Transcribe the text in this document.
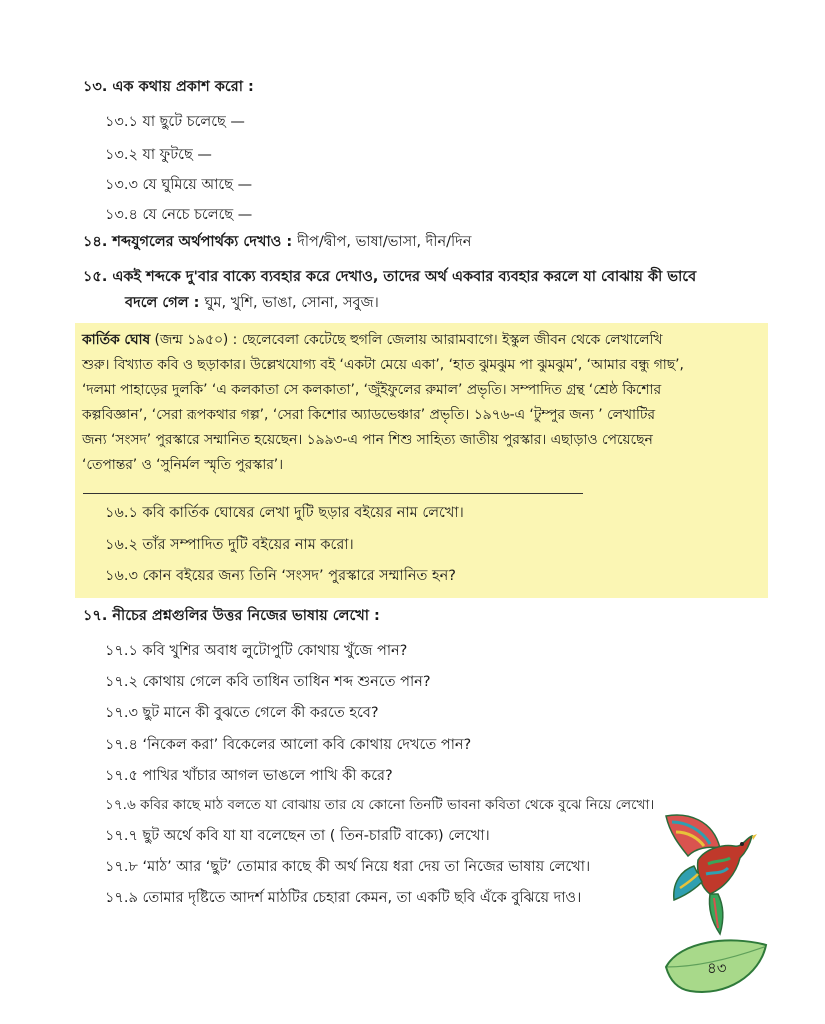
১৩. এক কথায় প্রকাশ করো :
১৩.১ যা ছুটে চলেছে —
১৩.২ যা ফুটছে —
১৩.৩ যে ঘুমিয়ে আছে —
১৩.৪ যে নেচে চলেছে —
১৪. শব্দযুগলের অর্থপার্থক্য দেখাও : দীপ/দ্বীপ, ভাষা/ভাসা, দীন/দিন
১৫. একই শব্দকে দু'বার বাক্যে ব্যবহার করে দেখাও, তাদের অর্থ একবার ব্যবহার করলে যা বোঝায় কী ভাবে
বদলে গেল : ঘুম, খুশি, ভাঙা, সোনা, সবুজ।
কার্তিক ঘোষ (জন্ম ১৯৫০) : ছেলেবেলা কেটেছে হুগলি জেলায় আরামবাগে। ইস্কুল জীবন থেকে লেখালেখি
শুরু। বিখ্যাত কবি ও ছড়াকার। উল্লেখযোগ্য বই ‘একটা মেয়ে একা’, ‘হাত ঝুমঝুম পা ঝুমঝুম’, ‘আমার বন্ধু গাছ’,
‘দলমা পাহাড়ের দুলকি’ ‘এ কলকাতা সে কলকাতা’, ‘জুঁইফুলের রুমাল’ প্রভৃতি। সম্পাদিত গ্রন্থ ‘শ্রেষ্ঠ কিশোর
কল্পবিজ্ঞান’, ‘সেরা রূপকথার গল্প’, ‘সেরা কিশোর অ্যাডভেঞ্চার’ প্রভৃতি। ১৯৭৬-এ ‘টুম্পুর জন্য ’ লেখাটির
জন্য ‘সংসদ’ পুরস্কারে সম্মানিত হয়েছেন। ১৯৯৩-এ পান শিশু সাহিত্য জাতীয় পুরস্কার। এছাড়াও পেয়েছেন
‘তেপান্তর’ ও ‘সুনির্মল স্মৃতি পুরস্কার’।
১৬.১ কবি কার্তিক ঘোষের লেখা দুটি ছড়ার বইয়ের নাম লেখো।
১৬.২ তাঁর সম্পাদিত দুটি বইয়ের নাম করো।
১৬.৩ কোন বইয়ের জন্য তিনি ‘সংসদ’ পুরস্কারে সম্মানিত হন?
১৭. নীচের প্রশ্নগুলির উত্তর নিজের ভাষায় লেখো :
১৭.১ কবি খুশির অবাধ লুটোপুটি কোথায় খুঁজে পান?
১৭.২ কোথায় গেলে কবি তাধিন তাধিন শব্দ শুনতে পান?
১৭.৩ ছুট মানে কী বুঝতে গেলে কী করতে হবে?
১৭.৪ ‘নিকেল করা’ বিকেলের আলো কবি কোথায় দেখতে পান?
১৭.৫ পাখির খাঁচার আগল ভাঙলে পাখি কী করে?
১৭.৬ কবির কাছে মাঠ বলতে যা বোঝায় তার যে কোনো তিনটি ভাবনা কবিতা থেকে বুঝে নিয়ে লেখো।
১৭.৭ ছুট অর্থে কবি যা যা বলেছেন তা ( তিন-চারটি বাক্যে) লেখো।
১৭.৮ ‘মাঠ’ আর ‘ছুট’ তোমার কাছে কী অর্থ নিয়ে ধরা দেয় তা নিজের ভাষায় লেখো।
১৭.৯ তোমার দৃষ্টিতে আদর্শ মাঠটির চেহারা কেমন, তা একটি ছবি এঁকে বুঝিয়ে দাও।
৪৩
